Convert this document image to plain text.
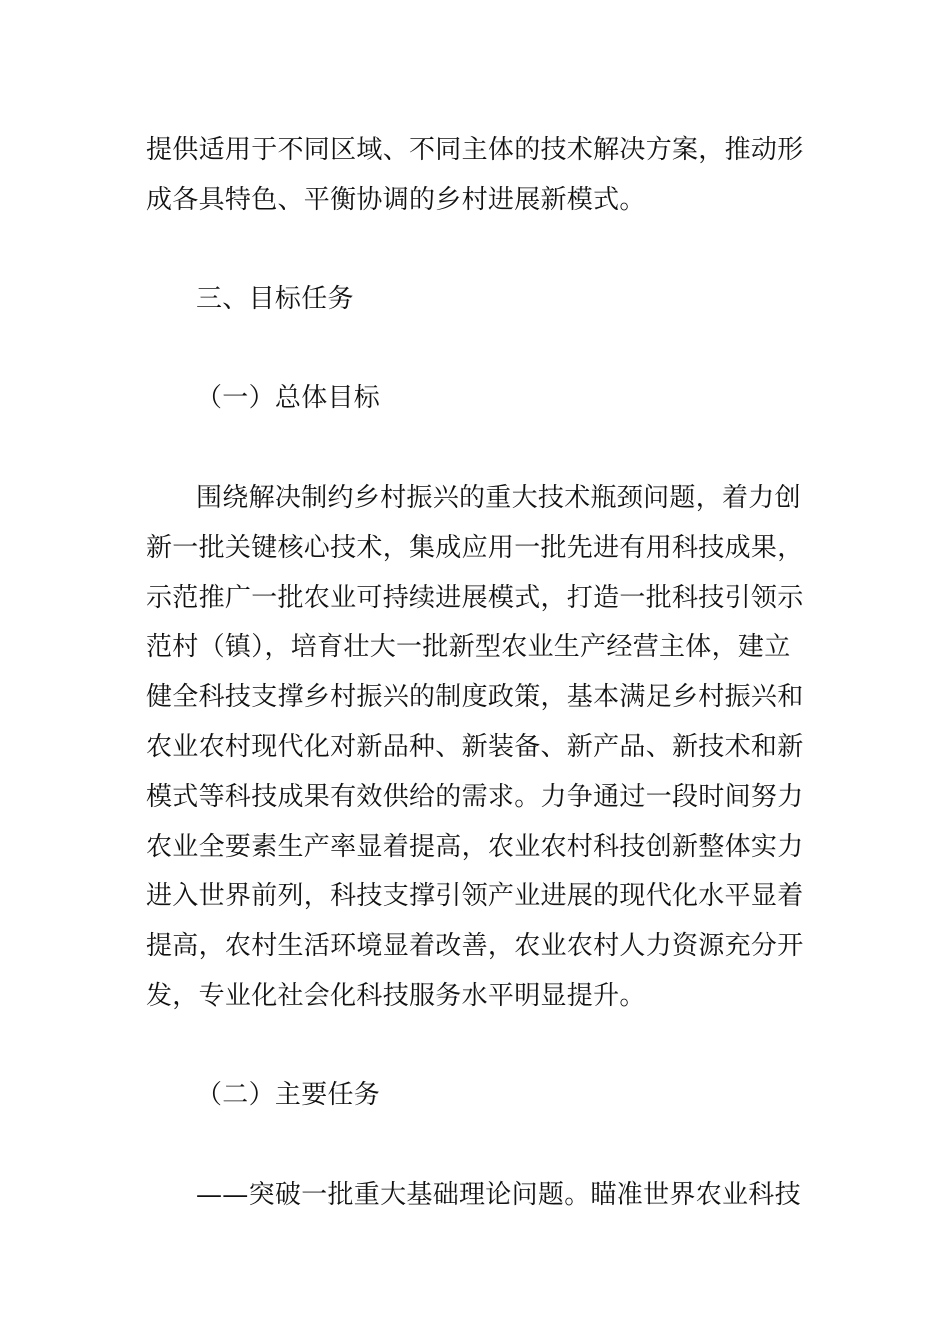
提供适用于不同区域、不同主体的技术解决方案，推动形
成各具特色、平衡协调的乡村进展新模式。
三、目标任务
（一）总体目标
围绕解决制约乡村振兴的重大技术瓶颈问题，着力创
新一批关键核心技术，集成应用一批先进有用科技成果，
示范推广一批农业可持续进展模式，打造一批科技引领示
范村（镇），培育壮大一批新型农业生产经营主体，建立
健全科技支撑乡村振兴的制度政策，基本满足乡村振兴和
农业农村现代化对新品种、新装备、新产品、新技术和新
模式等科技成果有效供给的需求。力争通过一段时间努力
农业全要素生产率显着提高，农业农村科技创新整体实力
进入世界前列，科技支撑引领产业进展的现代化水平显着
提高，农村生活环境显着改善，农业农村人力资源充分开
发，专业化社会化科技服务水平明显提升。
（二）主要任务
——突破一批重大基础理论问题。瞄准世界农业科技
